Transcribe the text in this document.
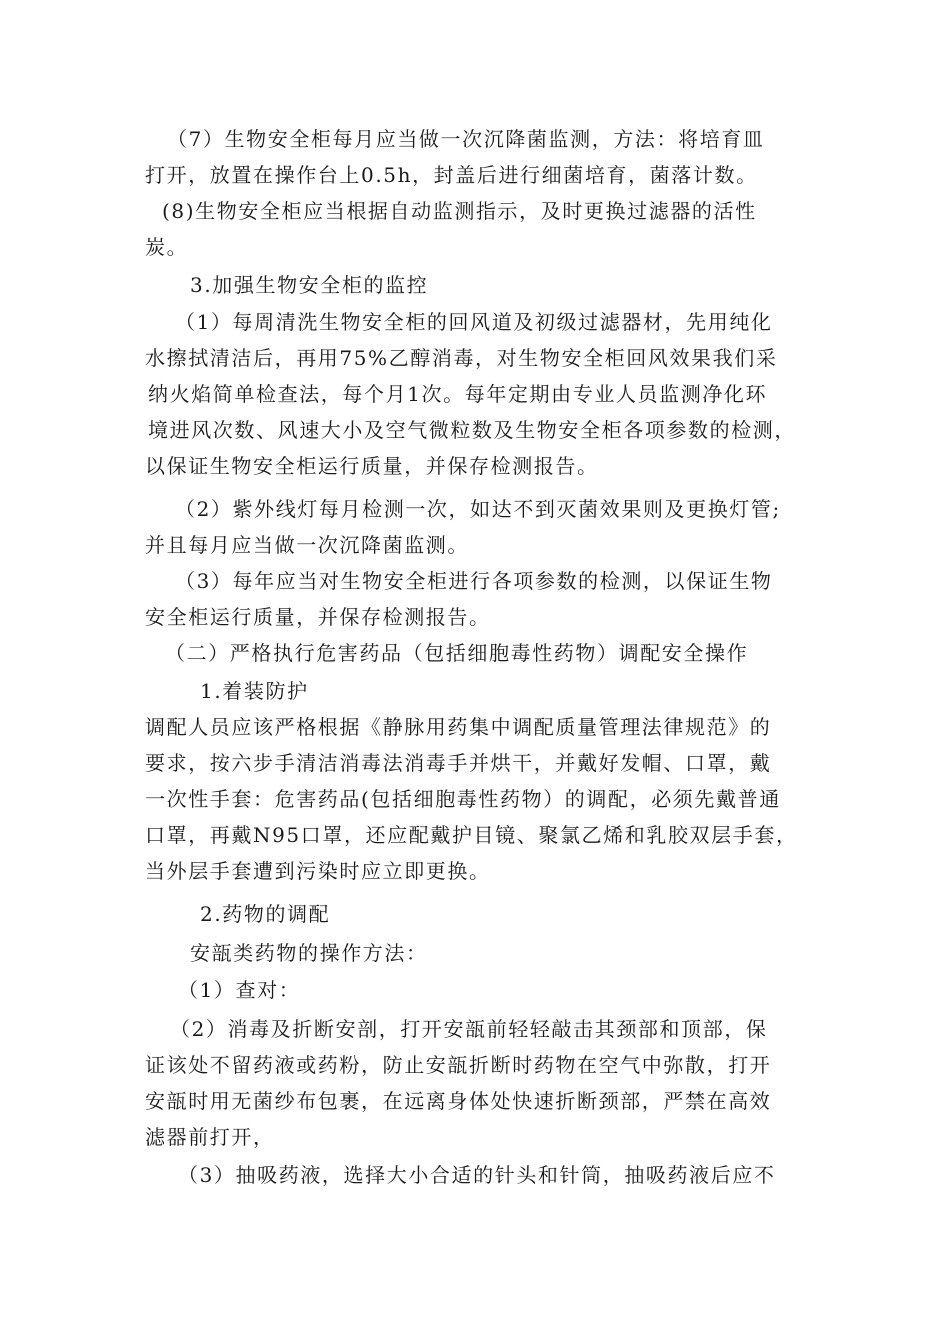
（7）生物安全柜每月应当做一次沉降菌监测，方法：将培育皿
打开，放置在操作台上0.5h，封盖后进行细菌培育，菌落计数。
(8)生物安全柜应当根据自动监测指示，及时更换过滤器的活性
炭。
3.加强生物安全柜的监控
（1）每周清洗生物安全柜的回风道及初级过滤器材，先用纯化
水擦拭清洁后，再用75%乙醇消毒，对生物安全柜回风效果我们采
纳火焰简单检查法，每个月1次。每年定期由专业人员监测净化环
境进风次数、风速大小及空气微粒数及生物安全柜各项参数的检测，
以保证生物安全柜运行质量，并保存检测报告。
（2）紫外线灯每月检测一次，如达不到灭菌效果则及更换灯管;
并且每月应当做一次沉降菌监测。
（3）每年应当对生物安全柜进行各项参数的检测，以保证生物
安全柜运行质量，并保存检测报告。
（二）严格执行危害药品（包括细胞毒性药物）调配安全操作
1.着装防护
调配人员应该严格根据《静脉用药集中调配质量管理法律规范》的
要求，按六步手清洁消毒法消毒手并烘干，并戴好发帽、口罩，戴
一次性手套：危害药品(包括细胞毒性药物）的调配，必须先戴普通
口罩，再戴N95口罩，还应配戴护目镜、聚氯乙烯和乳胶双层手套，
当外层手套遭到污染时应立即更换。
2.药物的调配
安瓿类药物的操作方法：
（1）查对：
（2）消毒及折断安剖，打开安瓿前轻轻敲击其颈部和顶部，保
证该处不留药液或药粉，防止安瓿折断时药物在空气中弥散，打开
安瓿时用无菌纱布包裹，在远离身体处快速折断颈部，严禁在高效
滤器前打开，
（3）抽吸药液，选择大小合适的针头和针筒，抽吸药液后应不
